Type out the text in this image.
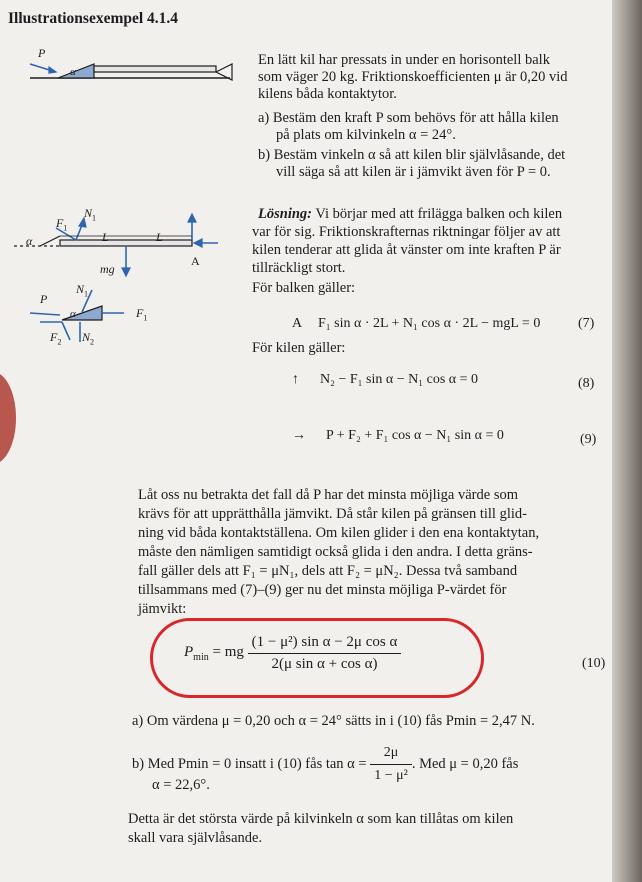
Illustrationsexempel 4.1.4
P
α
$F_1$
$N_1$
α	L	L
A
mg
$N_1$
P
α	$F_1$
$F_2$ $N_2$
En lätt kil har pressats in under en horisontell balk
som väger 20 kg. Friktionskoefficienten μ är 0,20 vid
kilens båda kontaktytor.
a) Bestäm den kraft P som behövs för att hålla kilen
på plats om kilvinkeln α = 24°.
b) Bestäm vinkeln α så att kilen blir självlåsande, det
vill säga så att kilen är i jämvikt även för P = 0.
Lösning: Vi börjar med att frilägga balken och kilen
var för sig. Friktionskrafternas riktningar följer av att
kilen tenderar att glida åt vänster om inte kraften P är
tillräckligt stort.
För balken gäller:
A F₁ sin α · 2L + N₁ cos α · 2L − mgL = 0	(7)
För kilen gäller:
↑ N₂ − F₁ sin α − N₁ cos α = 0	(8)
→ P + F₂ + F₁ cos α − N₁ sin α = 0	(9)
Låt oss nu betrakta det fall då P har det minsta möjliga värde som
krävs för att upprätthålla jämvikt. Då står kilen på gränsen till glid-
ning vid båda kontaktställena. Om kilen glider i den ena kontaktytan,
måste den nämligen samtidigt också glida i den andra. I detta gräns-
fall gäller dels att F₁ = μN₁, dels att F₂ = μN₂. Dessa två samband
tillsammans med (7)–(9) ger nu det minsta möjliga P-värdet för
jämvikt:
$P_{min}$ = mg $\frac{\text{(1 − μ²) sin α − 2μ cos α}}{\text{2(μ sin α + cos α)}}$	(10)
a) Om värdena μ = 0,20 och α = 24° sätts in i (10) fås Pmin = 2,47 N.
b) Med Pmin = 0 insatt i (10) fås $\tan \alpha = \frac{2\mu}{\text{1 − μ²}}$ . Med μ = 0,20 fås
α = 22,6°.
Detta är det största värde på kilvinkeln α som kan tillåtas om kilen
skall vara självlåsande.
